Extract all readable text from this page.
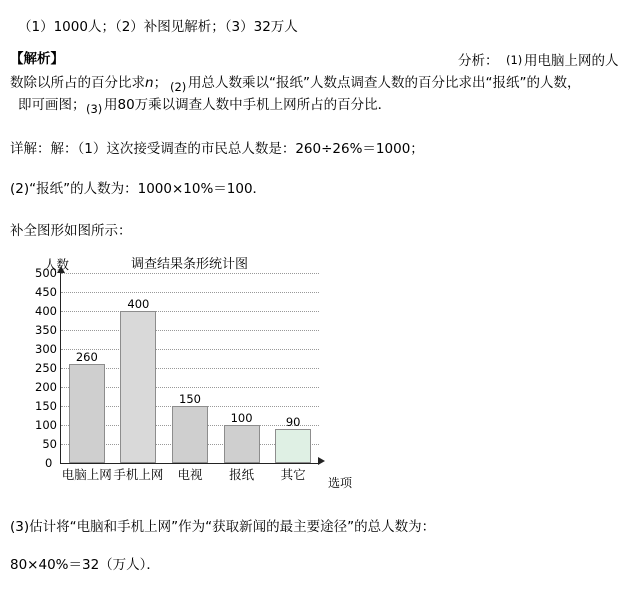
（1）1000人；（2）补图见解析；（3）32万人
【解析】	分析： (1) 用电脑上网的人
数除以所占的百分比求n； (2) 用总人数乘以“报纸”人数点调查人数的百分比求出“报纸”的人数，
即可画图； (3) 用80万乘以调查人数中手机上网所占的百分比．
详解：解：（1）这次接受调查的市民总人数是：260÷26%＝1000；
(2)“报纸”的人数为：1000×10%＝100．
补全图形如图所示：
人数	调查结果条形统计图
选项
0
50
100
150
200
250
300
350
400
450
500
260
电脑上网
400
手机上网
150
电视
100
报纸
90
其它
(3)估计将“电脑和手机上网”作为“获取新闻的最主要途径”的总人数为：
80×40%＝32（万人）．
